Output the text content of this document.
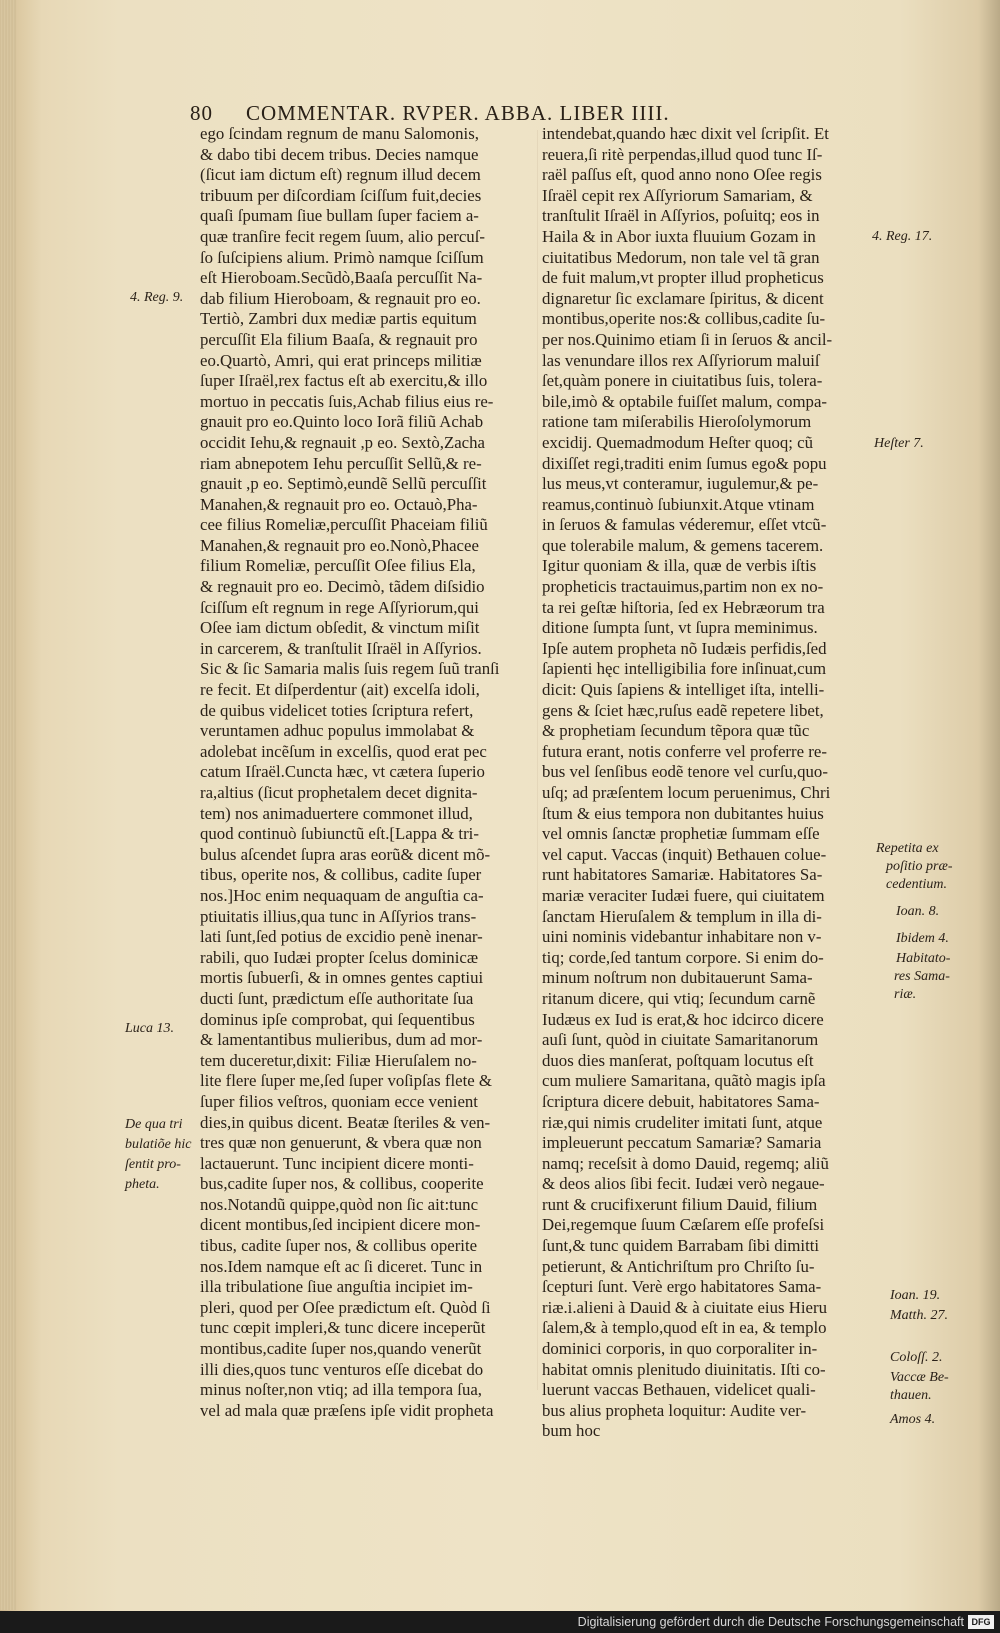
80 COMMENTAR. RVPER. ABBA. LIBER IIII.
ego ſcindam regnum de manu Salomonis,
& dabo tibi decem tribus. Decies namque
(ſicut iam dictum eſt) regnum illud decem
tribuum per diſcordiam ſciſſum fuit,decies
quaſi ſpumam ſiue bullam ſuper faciem a-
quæ tranſire fecit regem ſuum, alio percuſ-
ſo ſuſcipiens alium. Primò namque ſciſſum
eſt Hieroboam.Secũdò,Baaſa percuſſit Na-
dab filium Hieroboam, & regnauit pro eo.
Tertiò, Zambri dux mediæ partis equitum
percuſſit Ela filium Baaſa, & regnauit pro
eo.Quartò, Amri, qui erat princeps militiæ
ſuper Iſraël,rex factus eſt ab exercitu,& illo
mortuo in peccatis ſuis,Achab filius eius re-
gnauit pro eo.Quinto loco Iorã filiũ Achab
occidit Iehu,& regnauit ,p eo. Sextò,Zacha
riam abnepotem Iehu percuſſit Sellũ,& re-
gnauit ,p eo. Septimò,eundẽ Sellũ percuſſit
Manahen,& regnauit pro eo. Octauò,Pha-
cee filius Romeliæ,percuſſit Phaceiam filiũ
Manahen,& regnauit pro eo.Nonò,Phacee
filium Romeliæ, percuſſit Oſee filius Ela,
& regnauit pro eo. Decimò, tãdem diſsidio
ſciſſum eſt regnum in rege Aſſyriorum,qui
Oſee iam dictum obſedit, & vinctum miſit
in carcerem, & tranſtulit Iſraël in Aſſyrios.
Sic & ſic Samaria malis ſuis regem ſuũ tranſi
re fecit. Et diſperdentur (ait) excelſa idoli,
de quibus videlicet toties ſcriptura refert,
veruntamen adhuc populus immolabat &
adolebat incẽſum in excelſis, quod erat pec
catum Iſraël.Cuncta hæc, vt cætera ſuperio
ra,altius (ſicut prophetalem decet dignita-
tem) nos animaduertere commonet illud,
quod continuò ſubiunctũ eſt.[Lappa & tri-
bulus aſcendet ſupra aras eorũ& dicent mõ-
tibus, operite nos, & collibus, cadite ſuper
nos.]Hoc enim nequaquam de anguſtia ca-
ptiuitatis illius,qua tunc in Aſſyrios trans-
lati ſunt,ſed potius de excidio penè inenar-
rabili, quo Iudæi propter ſcelus dominicæ
mortis ſubuerſi, & in omnes gentes captiui
ducti ſunt, prædictum eſſe authoritate ſua
dominus ipſe comprobat, qui ſequentibus
& lamentantibus mulieribus, dum ad mor-
tem duceretur,dixit: Filiæ Hieruſalem no-
lite flere ſuper me,ſed ſuper voſipſas flete &
ſuper filios veſtros, quoniam ecce venient
dies,in quibus dicent. Beatæ ſteriles & ven-
tres quæ non genuerunt, & vbera quæ non
lactauerunt. Tunc incipient dicere monti-
bus,cadite ſuper nos, & collibus, cooperite
nos.Notandũ quippe,quòd non ſic ait:tunc
dicent montibus,ſed incipient dicere mon-
tibus, cadite ſuper nos, & collibus operite
nos.Idem namque eſt ac ſi diceret. Tunc in
illa tribulatione ſiue anguſtia incipiet im-
pleri, quod per Oſee prædictum eſt. Quòd ſi
tunc cœpit impleri,& tunc dicere inceperũt
montibus,cadite ſuper nos,quando venerũt
illi dies,quos tunc venturos eſſe dicebat do
minus noſter,non vtiq; ad illa tempora ſua,
vel ad mala quæ præſens ipſe vidit propheta
intendebat,quando hæc dixit vel ſcripſit. Et
reuera,ſi ritè perpendas,illud quod tunc Iſ-
raël paſſus eſt, quod anno nono Oſee regis
Iſraël cepit rex Aſſyriorum Samariam, &
tranſtulit Iſraël in Aſſyrios, poſuitq; eos in
Haila & in Abor iuxta fluuium Gozam in
ciuitatibus Medorum, non tale vel tã gran
de fuit malum,vt propter illud propheticus
dignaretur ſic exclamare ſpiritus, & dicent
montibus,operite nos:& collibus,cadite ſu-
per nos.Quinimo etiam ſi in ſeruos & ancil-
las venundare illos rex Aſſyriorum maluiſ
ſet,quàm ponere in ciuitatibus ſuis, tolera-
bile,imò & optabile fuiſſet malum, compa-
ratione tam miſerabilis Hieroſolymorum
excidij. Quemadmodum Heſter quoq; cũ
dixiſſet regi,traditi enim ſumus ego& popu
lus meus,vt conteramur, iugulemur,& pe-
reamus,continuò ſubiunxit.Atque vtinam
in ſeruos & famulas véderemur, eſſet vtcũ-
que tolerabile malum, & gemens tacerem.
Igitur quoniam & illa, quæ de verbis iſtis
propheticis tractauimus,partim non ex no-
ta rei geſtæ hiſtoria, ſed ex Hebræorum tra
ditione ſumpta ſunt, vt ſupra meminimus.
Ipſe autem propheta nõ Iudæis perfidis,ſed
ſapienti hęc intelligibilia fore inſinuat,cum
dicit: Quis ſapiens & intelliget iſta, intelli-
gens & ſciet hæc,ruſus eadẽ repetere libet,
& prophetiam ſecundum tẽpora quæ tũc
futura erant, notis conferre vel proferre re-
bus vel ſenſibus eodẽ tenore vel curſu,quo-
uſq; ad præſentem locum peruenimus, Chri
ſtum & eius tempora non dubitantes huius
vel omnis ſanctæ prophetiæ ſummam eſſe
vel caput. Vaccas (inquit) Bethauen colue-
runt habitatores Samariæ. Habitatores Sa-
mariæ veraciter Iudæi fuere, qui ciuitatem
ſanctam Hieruſalem & templum in illa di-
uini nominis videbantur inhabitare non v-
tiq; corde,ſed tantum corpore. Si enim do-
minum noſtrum non dubitauerunt Sama-
ritanum dicere, qui vtiq; ſecundum carnẽ
Iudæus ex Iud is erat,& hoc idcirco dicere
auſi ſunt, quòd in ciuitate Samaritanorum
duos dies manſerat, poſtquam locutus eſt
cum muliere Samaritana, quãtò magis ipſa
ſcriptura dicere debuit, habitatores Sama-
riæ,qui nimis crudeliter imitati ſunt, atque
impleuerunt peccatum Samariæ? Samaria
namq; receſsit à domo Dauid, regemq; aliũ
& deos alios ſibi fecit. Iudæi verò negaue-
runt & crucifixerunt filium Dauid, filium
Dei,regemque ſuum Cæſarem eſſe profeſsi
ſunt,& tunc quidem Barrabam ſibi dimitti
petierunt, & Antichriſtum pro Chriſto ſu-
ſcepturi ſunt. Verè ergo habitatores Sama-
riæ.i.alieni à Dauid & à ciuitate eius Hieru
ſalem,& à templo,quod eſt in ea, & templo
dominici corporis, in quo corporaliter in-
habitat omnis plenitudo diuinitatis. Iſti co-
luerunt vaccas Bethauen, videlicet quali-
bus alius propheta loquitur: Audite ver-
bum hoc
4. Reg. 9.
Luca 13.
De qua tri
bulatiõe hic
ſentit pro-
pheta.
4. Reg. 17.
Heſter 7.
Repetita ex
poſitio præ-
cedentium.
Ioan. 8.
Ibidem 4.
Habitato-
res Sama-
riæ.
Ioan. 19.
Matth. 27.
Coloſſ. 2.
Vaccæ Be-
thauen.
Amos 4.
Digitalisierung gefördert durch die Deutsche Forschungsgemeinschaft DFG
